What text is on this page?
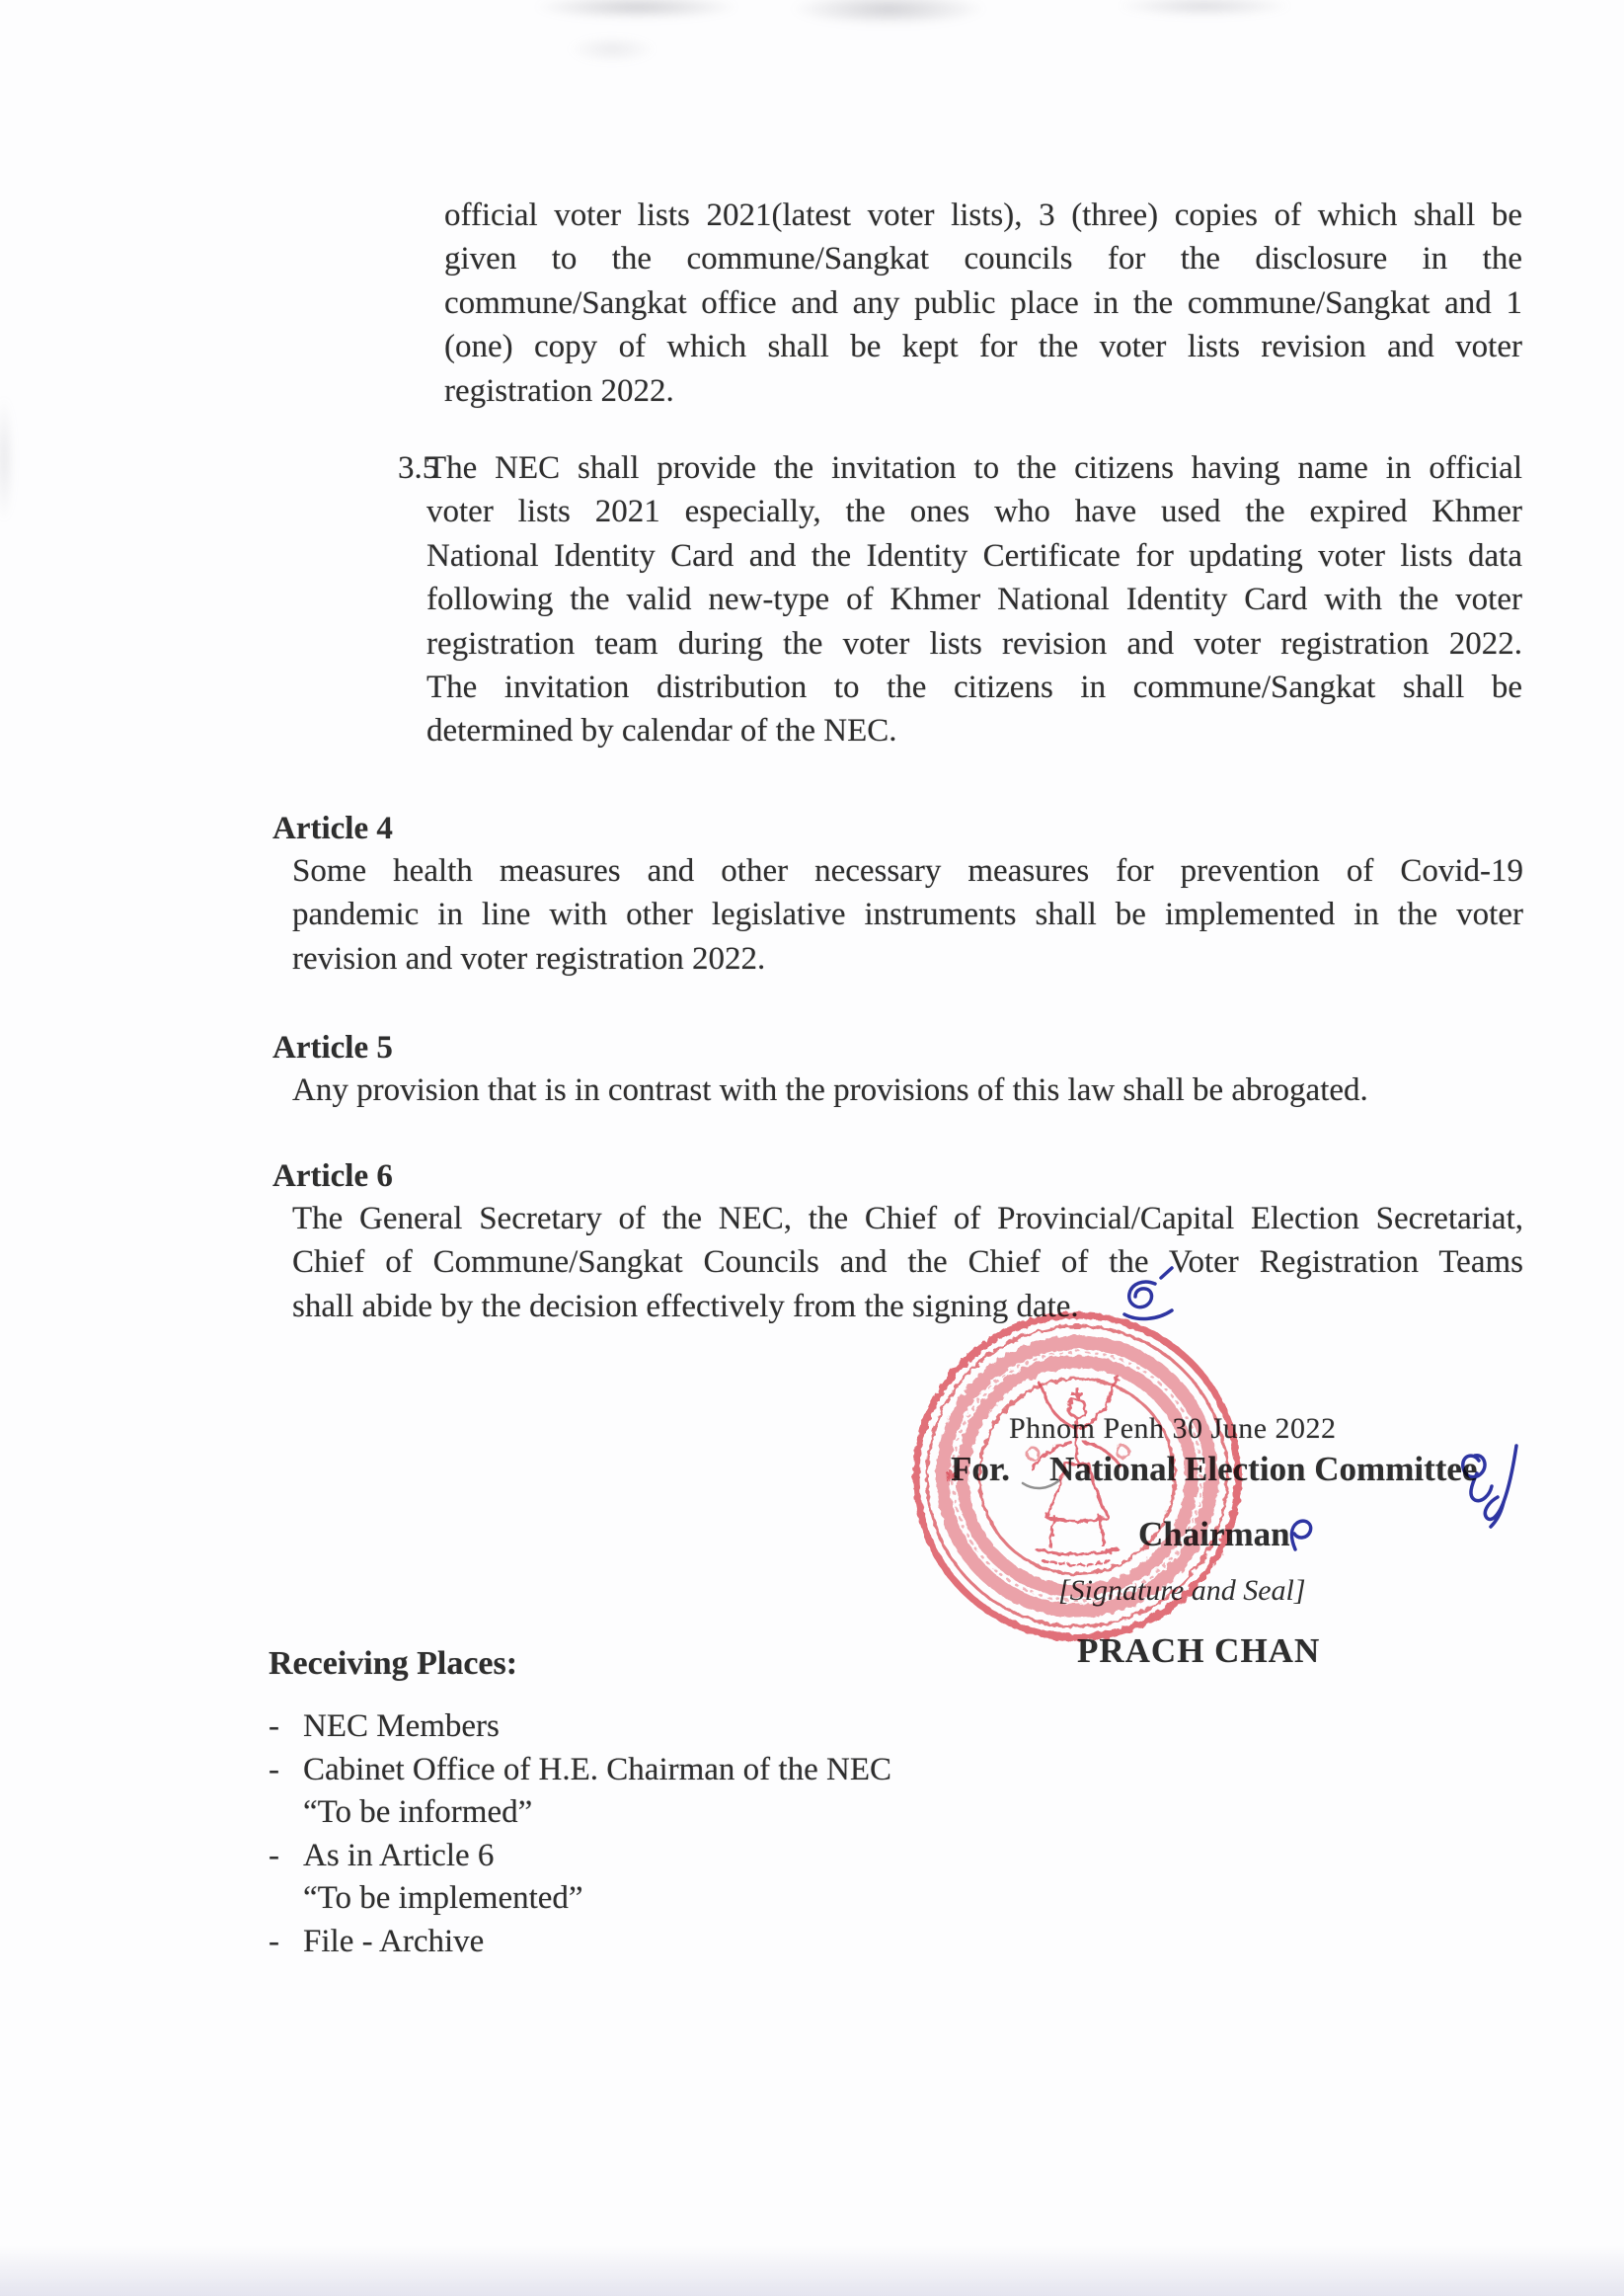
official voter lists 2021(latest voter lists), 3 (three) copies of which shall be
given to the commune/Sangkat councils for the disclosure in the
commune/Sangkat office and any public place in the commune/Sangkat and 1
(one) copy of which shall be kept for the voter lists revision and voter
registration 2022.
3.5
The NEC shall provide the invitation to the citizens having name in official
voter lists 2021 especially, the ones who have used the expired Khmer
National Identity Card and the Identity Certificate for updating voter lists data
following the valid new-type of Khmer National Identity Card with the voter
registration team during the voter lists revision and voter registration 2022.
The invitation distribution to the citizens in commune/Sangkat shall be
determined by calendar of the NEC.
Article 4
Some health measures and other necessary measures for prevention of Covid-19
pandemic in line with other legislative instruments shall be implemented in the voter
revision and voter registration 2022.
Article 5
Any provision that is in contrast with the provisions of this law shall be abrogated.
Article 6
The General Secretary of the NEC, the Chief of Provincial/Capital Election Secretariat,
Chief of Commune/Sangkat Councils and the Chief of the Voter Registration Teams
shall abide by the decision effectively from the signing date.
Phnom Penh 30 June 2022
For. National Election Committee
Chairman
[Signature and Seal]
PRACH CHAN
Receiving Places:
- NEC Members
- Cabinet Office of H.E. Chairman of the NEC
“To be informed”
- As in Article 6
“To be implemented”
- File - Archive
